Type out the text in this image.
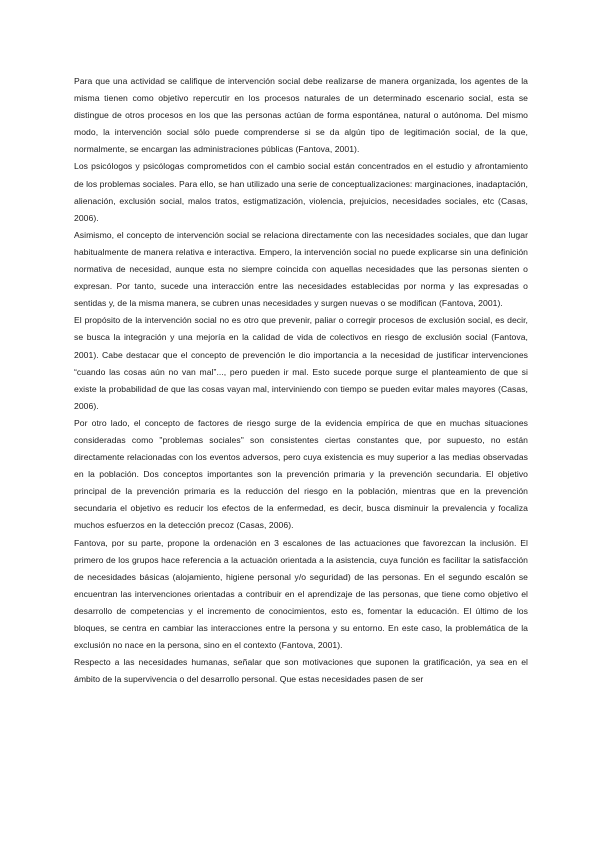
Para que una actividad se califique de intervención social debe realizarse de manera organizada, los agentes de la misma tienen como objetivo repercutir en los procesos naturales de un determinado escenario social, esta se distingue de otros procesos en los que las personas actúan de forma espontánea, natural o autónoma. Del mismo modo, la intervención social sólo puede comprenderse si se da algún tipo de legitimación social, de la que, normalmente, se encargan las administraciones públicas (Fantova, 2001).

Los psicólogos y psicólogas comprometidos con el cambio social están concentrados en el estudio y afrontamiento de los problemas sociales. Para ello, se han utilizado una serie de conceptualizaciones: marginaciones, inadaptación, alienación, exclusión social, malos tratos, estigmatización, violencia, prejuicios, necesidades sociales, etc (Casas, 2006).

Asimismo, el concepto de intervención social se relaciona directamente con las necesidades sociales, que dan lugar habitualmente de manera relativa e interactiva. Empero, la intervención social no puede explicarse sin una definición normativa de necesidad, aunque esta no siempre coincida con aquellas necesidades que las personas sienten o expresan. Por tanto, sucede una interacción entre las necesidades establecidas por norma y las expresadas o sentidas y, de la misma manera, se cubren unas necesidades y surgen nuevas o se modifican (Fantova, 2001).

El propósito de la intervención social no es otro que prevenir, paliar o corregir procesos de exclusión social, es decir, se busca la integración y una mejoría en la calidad de vida de colectivos en riesgo de exclusión social (Fantova, 2001). Cabe destacar que el concepto de prevención le dio importancia a la necesidad de justificar intervenciones “cuando las cosas aún no van mal”..., pero pueden ir mal. Esto sucede porque surge el planteamiento de que si existe la probabilidad de que las cosas vayan mal, interviniendo con tiempo se pueden evitar males mayores (Casas, 2006).

Por otro lado, el concepto de factores de riesgo surge de la evidencia empírica de que en muchas situaciones consideradas como "problemas sociales" son consistentes ciertas constantes que, por supuesto, no están directamente relacionadas con los eventos adversos, pero cuya existencia es muy superior a las medias observadas en la población. Dos conceptos importantes son la prevención primaria y la prevención secundaria. El objetivo principal de la prevención primaria es la reducción del riesgo en la población, mientras que en la prevención secundaria el objetivo es reducir los efectos de la enfermedad, es decir, busca disminuir la prevalencia y focaliza muchos esfuerzos en la detección precoz (Casas, 2006).

Fantova, por su parte, propone la ordenación en 3 escalones de las actuaciones que favorezcan la inclusión. El primero de los grupos hace referencia a la actuación orientada a la asistencia, cuya función es facilitar la satisfacción de necesidades básicas (alojamiento, higiene personal y/o seguridad) de las personas. En el segundo escalón se encuentran las intervenciones orientadas a contribuir en el aprendizaje de las personas, que tiene como objetivo el desarrollo de competencias y el incremento de conocimientos, esto es, fomentar la educación. El último de los bloques, se centra en cambiar las interacciones entre la persona y su entorno. En este caso, la problemática de la exclusión no nace en la persona, sino en el contexto (Fantova, 2001).

Respecto a las necesidades humanas, señalar que son motivaciones que suponen la gratificación, ya sea en el ámbito de la supervivencia o del desarrollo personal. Que estas necesidades pasen de ser
